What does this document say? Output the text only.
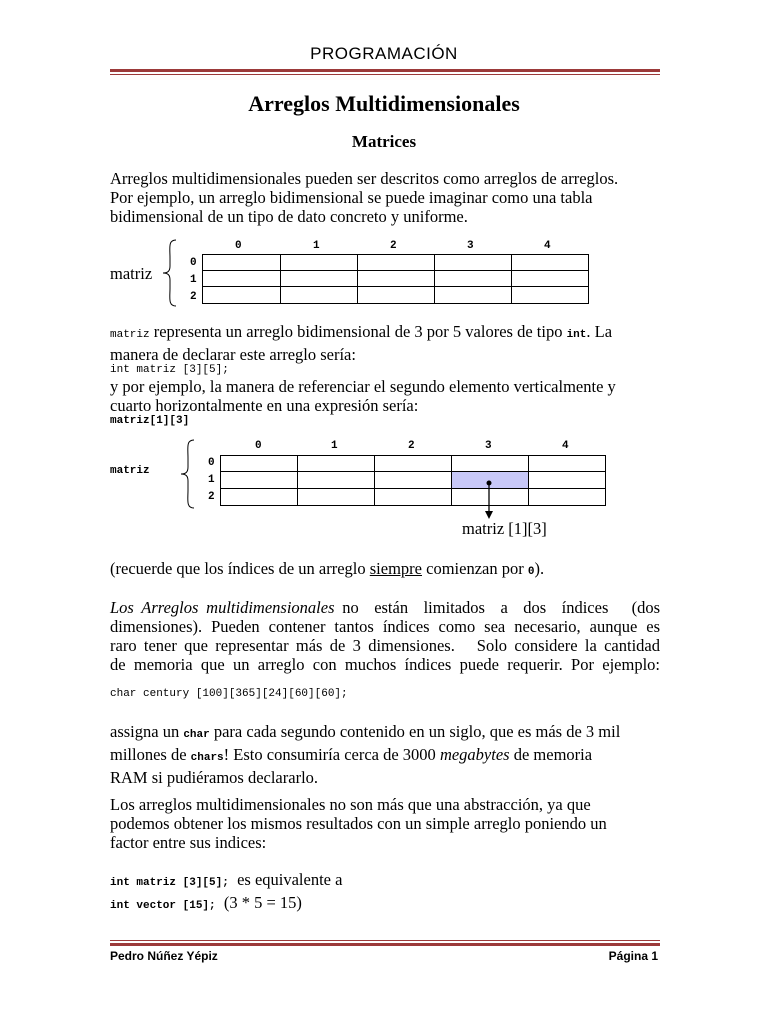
PROGRAMACIÓN
Arreglos Multidimensionales
Matrices
Arreglos multidimensionales pueden ser descritos como arreglos de arreglos.
Por ejemplo, un arreglo bidimensional se puede imaginar como una tabla
bidimensional de un tipo de dato concreto y uniforme.
matriz
0	1	2	3	4
0
1
2

matriz representa un arreglo bidimensional de 3 por 5 valores de tipo int. La
manera de declarar este arreglo sería:
int matriz [3][5];
y por ejemplo, la manera de referenciar el segundo elemento verticalmente y
cuarto horizontalmente en una expresión sería:
matriz[1][3]
matriz
0	1	2	3	4
0
1
2

matriz [1][3]
(recuerde que los índices de un arreglo siempre comienzan por 0).
Los Arreglos multidimensionales no  están  limitados  a  dos  índices   (dos
dimensiones). Pueden contener tantos índices como sea necesario, aunque es
raro tener que representar más de 3 dimensiones.   Solo considere la cantidad
de memoria que un arreglo con muchos índices puede requerir. Por ejemplo:
char century [100][365][24][60][60];
assigna un char para cada segundo contenido en un siglo, que es más de 3 mil
millones de chars! Esto consumiría cerca de 3000 megabytes de memoria
RAM si pudiéramos declararlo.
Los arreglos multidimensionales no son más que una abstracción, ya que
podemos obtener los mismos resultados con un simple arreglo poniendo un
factor entre sus indices:
int matriz [3][5];  es equivalente a
int vector [15];  (3 * 5 = 15)
Pedro Núñez Yépiz	Página 1
